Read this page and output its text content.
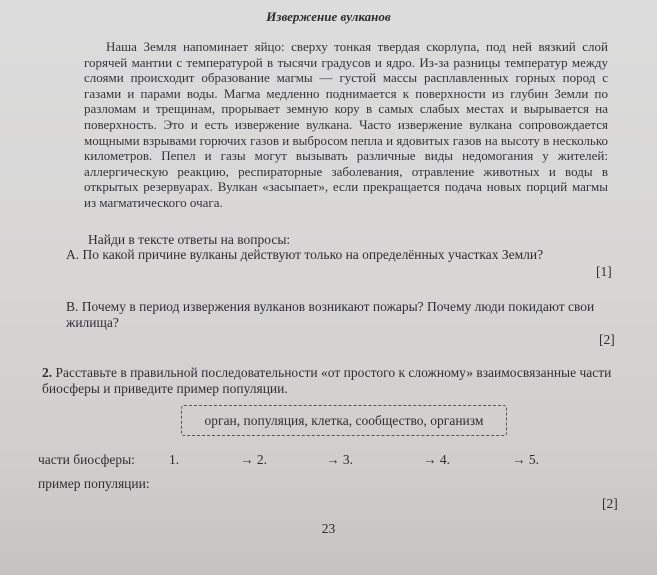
Извержение вулканов

Наша Земля напоминает яйцо: сверху тонкая твердая скорлупа, под ней вязкий слой горячей мантии с температурой в тысячи градусов и ядро. Из-за разницы температур между слоями происходит образование магмы — густой массы расплавленных горных пород с газами и парами воды. Магма медленно поднимается к поверхности из глубин Земли по разломам и трещинам, прорывает земную кору в самых слабых местах и вырывается на поверхность. Это и есть извержение вулкана. Часто извержение вулкана сопровождается мощными взрывами горючих газов и выбросом пепла и ядовитых газов на высоту в несколько километров. Пепел и газы могут вызывать различные виды недомогания у жителей: аллергическую реакцию, респираторные заболевания, отравление животных и воды в открытых резервуарах. Вулкан «засыпает», если прекращается подача новых порций магмы из магматического очага.

Найди в тексте ответы на вопросы:
А. По какой причине вулканы действуют только на определённых участках Земли?
[1]
В. Почему в период извержения вулканов возникают пожары? Почему люди покидают свои жилища?
[2]
2. Расставьте в правильной последовательности «от простого к сложному» взаимосвязанные части биосферы и приведите пример популяции.
орган, популяция, клетка, сообщество, организм
части биосферы:	1.	→ 2.	→ 3.	→ 4.	→ 5.
пример популяции:
[2]
23
